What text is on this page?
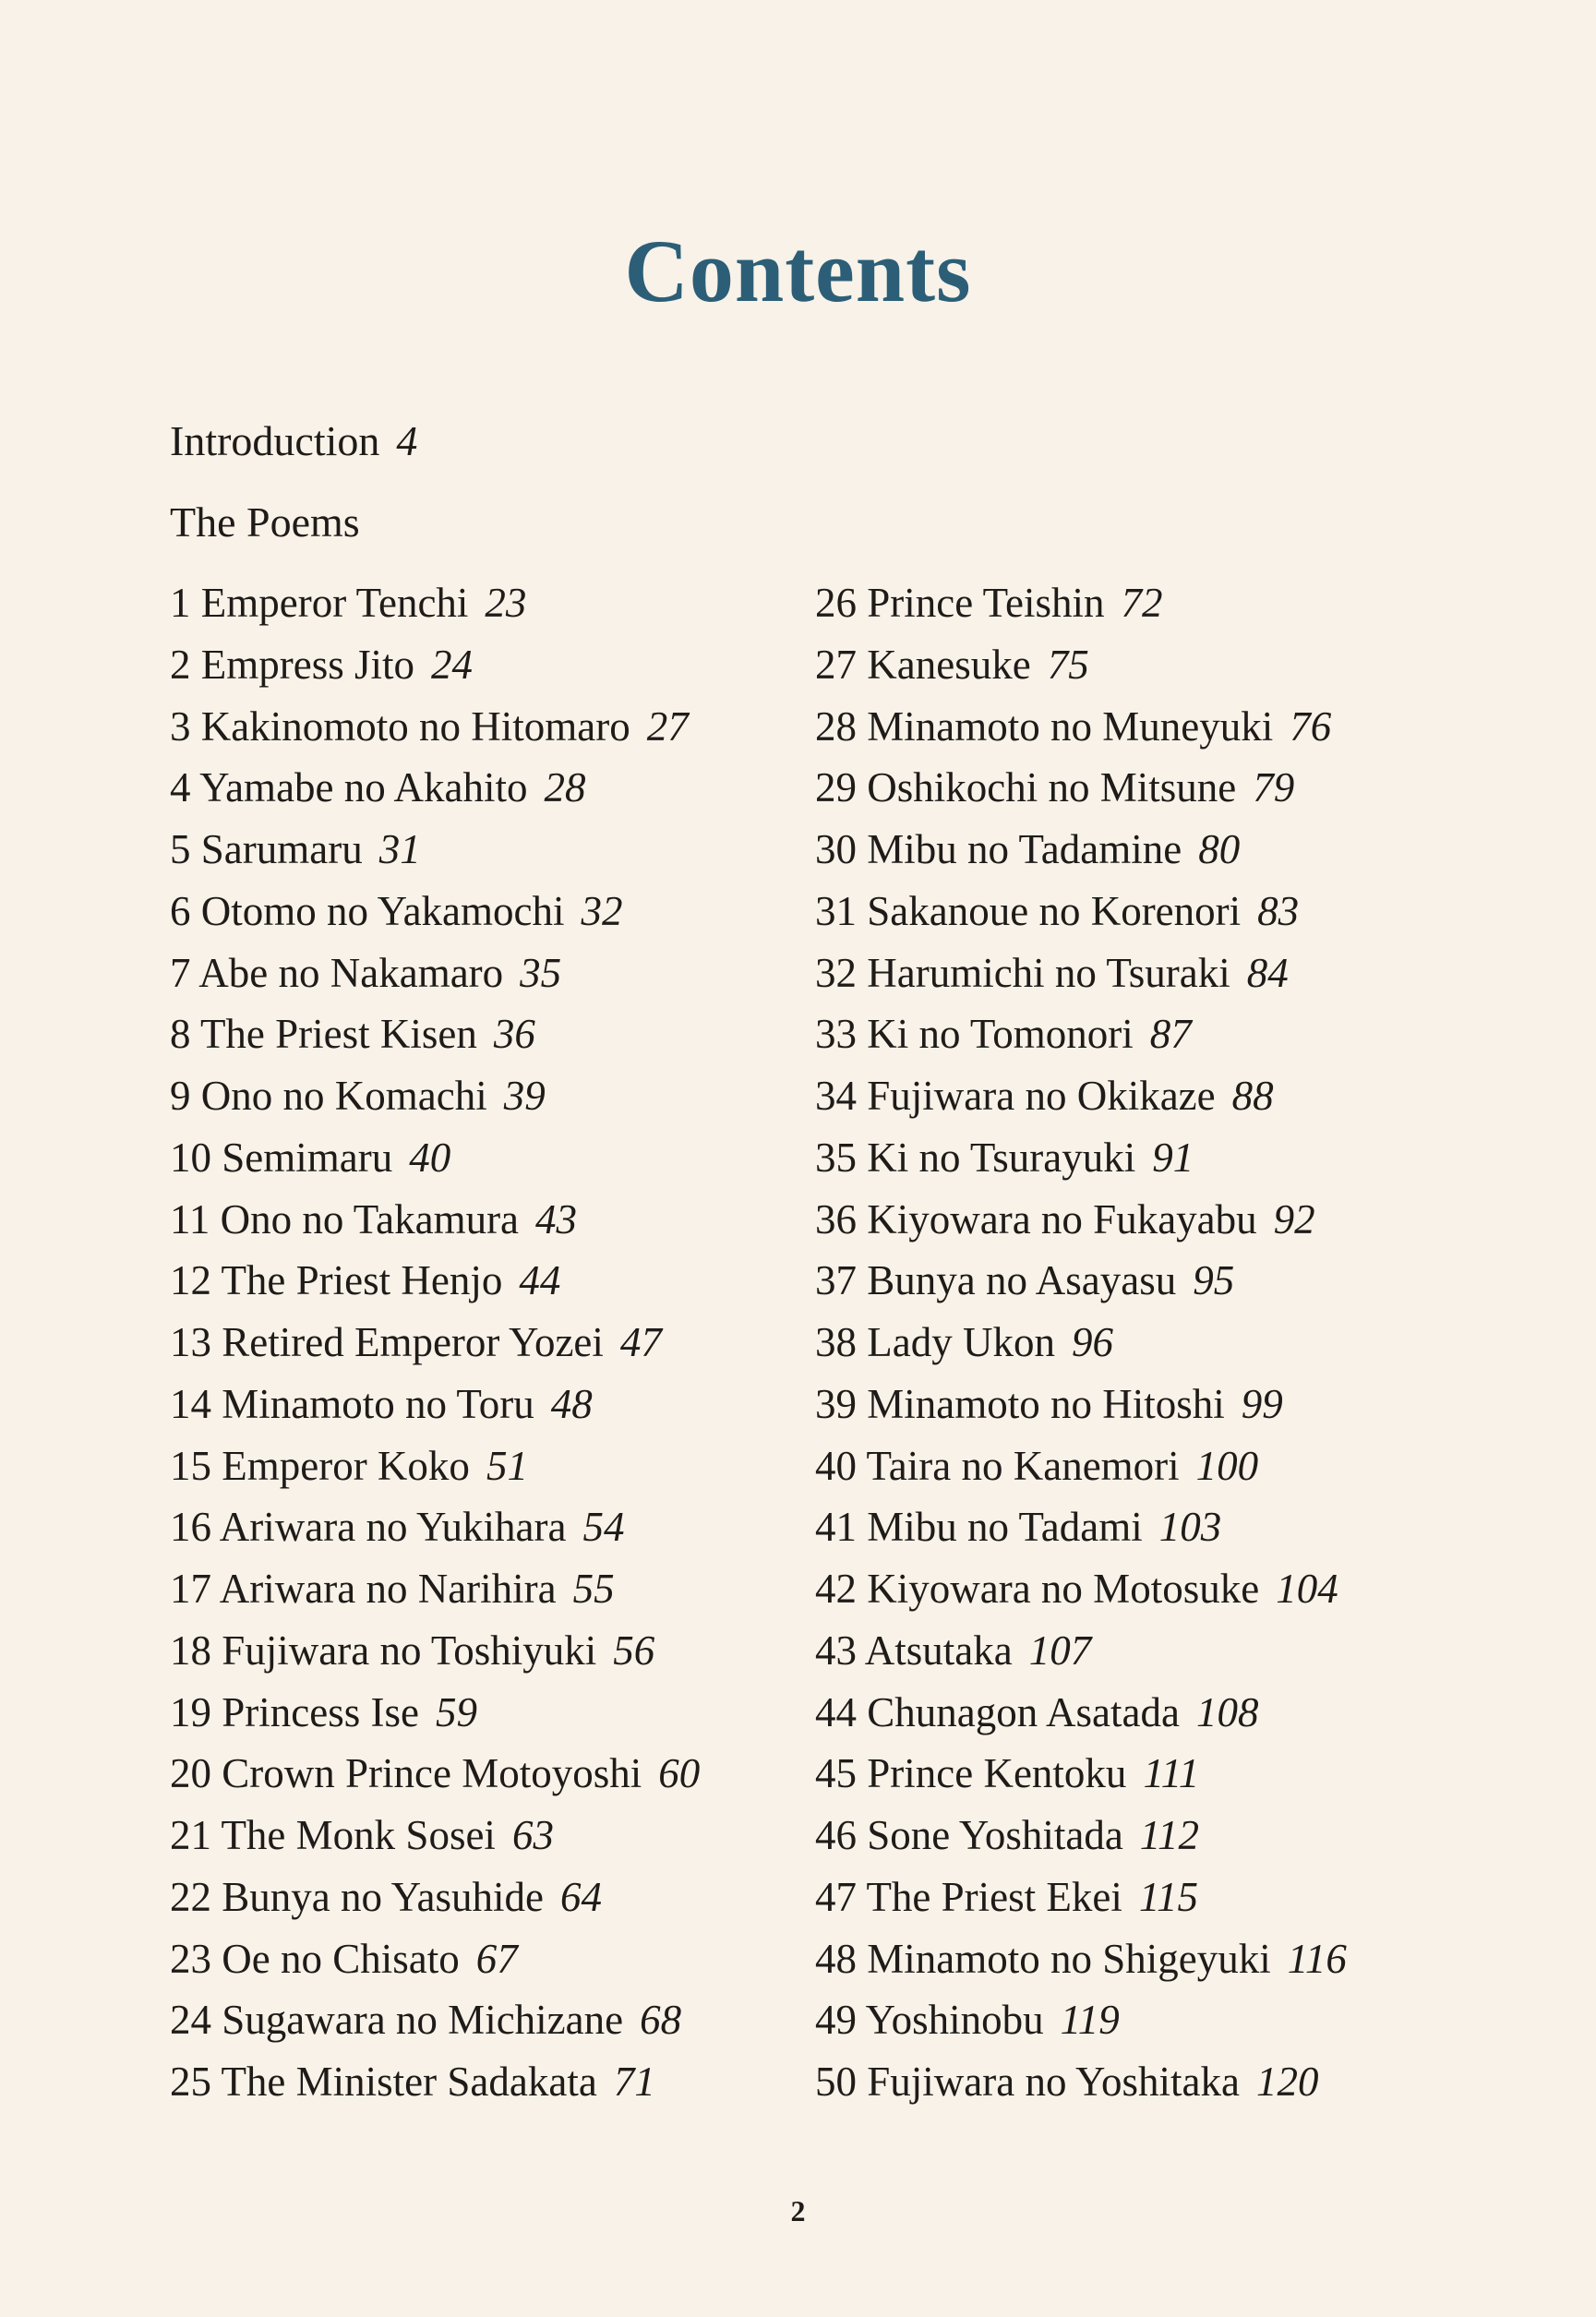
Contents
Introduction 4
The Poems
1 Emperor Tenchi 23
2 Empress Jito 24
3 Kakinomoto no Hitomaro 27
4 Yamabe no Akahito 28
5 Sarumaru 31
6 Otomo no Yakamochi 32
7 Abe no Nakamaro 35
8 The Priest Kisen 36
9 Ono no Komachi 39
10 Semimaru 40
11 Ono no Takamura 43
12 The Priest Henjo 44
13 Retired Emperor Yozei 47
14 Minamoto no Toru 48
15 Emperor Koko 51
16 Ariwara no Yukihara 54
17 Ariwara no Narihira 55
18 Fujiwara no Toshiyuki 56
19 Princess Ise 59
20 Crown Prince Motoyoshi 60
21 The Monk Sosei 63
22 Bunya no Yasuhide 64
23 Oe no Chisato 67
24 Sugawara no Michizane 68
25 The Minister Sadakata 71
26 Prince Teishin 72
27 Kanesuke 75
28 Minamoto no Muneyuki 76
29 Oshikochi no Mitsune 79
30 Mibu no Tadamine 80
31 Sakanoue no Korenori 83
32 Harumichi no Tsuraki 84
33 Ki no Tomonori 87
34 Fujiwara no Okikaze 88
35 Ki no Tsurayuki 91
36 Kiyowara no Fukayabu 92
37 Bunya no Asayasu 95
38 Lady Ukon 96
39 Minamoto no Hitoshi 99
40 Taira no Kanemori 100
41 Mibu no Tadami 103
42 Kiyowara no Motosuke 104
43 Atsutaka 107
44 Chunagon Asatada 108
45 Prince Kentoku 111
46 Sone Yoshitada 112
47 The Priest Ekei 115
48 Minamoto no Shigeyuki 116
49 Yoshinobu 119
50 Fujiwara no Yoshitaka 120
2
